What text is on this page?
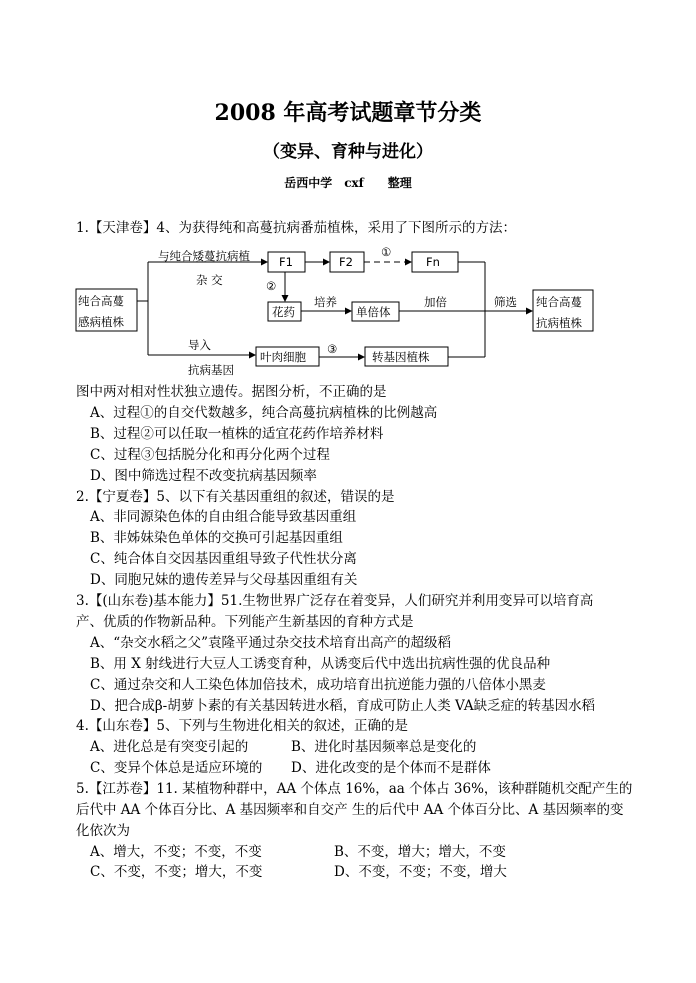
2008 年高考试题章节分类
（变异、育种与进化）
岳西中学　cxf　　整理
1.【天津卷】4、为获得纯和高蔓抗病番茄植株，采用了下图所示的方法：
纯合高蔓
感病植株
与纯合矮蔓抗病植
杂 交
F1	F2
①
Fn
②
花药
培养
单倍体
加倍	筛选 纯合高蔓
抗病植株
导入
抗病基因
叶肉细胞
③
转基因植株
图中两对相对性状独立遗传。据图分析，不正确的是
A、过程①的自交代数越多，纯合高蔓抗病植株的比例越高
B、过程②可以任取一植株的适宜花药作培养材料
C、过程③包括脱分化和再分化两个过程
D、图中筛选过程不改变抗病基因频率
2.【宁夏卷】5、以下有关基因重组的叙述，错误的是
A、非同源染色体的自由组合能导致基因重组
B、非姊妹染色单体的交换可引起基因重组
C、纯合体自交因基因重组导致子代性状分离
D、同胞兄妹的遗传差异与父母基因重组有关
3.【(山东卷)基本能力】51.生物世界广泛存在着变异，人们研究并利用变异可以培育高
产、优质的作物新品种。下列能产生新基因的育种方式是
A、“杂交水稻之父”袁隆平通过杂交技术培育出高产的超级稻
B、用 X 射线进行大豆人工诱变育种，从诱变后代中选出抗病性强的优良品种
C、通过杂交和人工染色体加倍技术，成功培育出抗逆能力强的八倍体小黑麦
D、把合成β-胡萝卜素的有关基因转进水稻，育成可防止人类 VA缺乏症的转基因水稻
4.【山东卷】5、下列与生物进化相关的叙述，正确的是
A、进化总是有突变引起的	B、进化时基因频率总是变化的
C、变异个体总是适应环境的 D、进化改变的是个体而不是群体
5.【江苏卷】11. 某植物种群中，AA 个体点 16%，aa 个体占 36%，该种群随机交配产生的
后代中 AA 个体百分比、A 基因频率和自交产 生的后代中 AA 个体百分比、A 基因频率的变
化依次为
A、增大，不变；不变，不变	B、不变，增大；增大，不变
C、不变，不变；增大，不变	D、不变，不变；不变，增大
